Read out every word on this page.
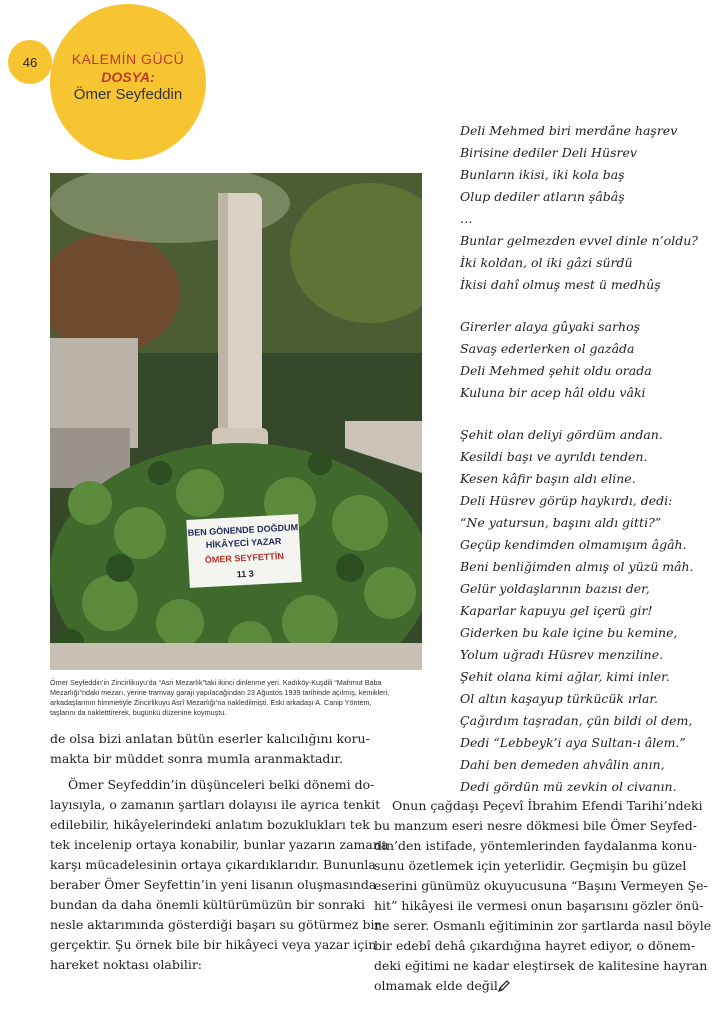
46	KALEMİN GÜCÜ
DOSYA:
Ömer Seyfeddin
BEN GÖNENDE DOĞDUM
HİKÂYECİ YAZAR
ÖMER SEYFETTİN
11 3
Ömer Seyfeddin’in Zincirlikuyu’da “Asri Mezarlık”taki ikinci dinlenme yeri. Kadıköy-Kuşdili “Mahmut Baba
Mezarlığı”ndaki mezarı, yerine tramvay garajı yapılacağından 23 Ağustos 1939 tarihinde açılmış, kemikleri,
arkadaşlarının himmetiyle Zincirlikuyu Asrî Mezarlığı’na nakledilmişti. Eski arkadaşı A. Canip Yöntem,
taşlarını da nakletttirerek, bugünkü düzenine koymuştu.
Deli Mehmed biri merdâne haşrev
Birisine dediler Deli Hüsrev
Bunların ikisi, iki kola baş
Olup dediler atların şâbâş
…
Bunlar gelmezden evvel dinle n’oldu?
İki koldan, ol iki gâzi sürdü
İkisi dahî olmuş mest ü medhûş
Girerler alaya gûyaki sarhoş
Savaş ederlerken ol gazâda
Deli Mehmed şehit oldu orada
Kuluna bir acep hâl oldu vâki
Şehit olan deliyi gördüm andan.
Kesildi başı ve ayrıldı tenden.
Kesen kâfir başın aldı eline.
Deli Hüsrev görüp haykırdı, dedi:
“Ne yatursun, başını aldı gitti?”
Geçüp kendimden olmamışım âgâh.
Beni benliğimden almış ol yüzü mâh.
Gelür yoldaşlarının bazısı der,
Kaparlar kapuyu gel içerü gir!
Giderken bu kale içine bu kemine,
Yolum uğradı Hüsrev menziline.
Şehit olana kimi ağlar, kimi inler.
Ol altın kaşayup türkücük ırlar.
Çağırdım taşradan, çün bildi ol dem,
Dedi “Lebbeyk’i aya Sultan-ı âlem.”
Dahi ben demeden ahvâlin anın,
Dedi gördün mü zevkin ol civanın.
de olsa bizi anlatan bütün eserler kalıcılığını koru-
makta bir müddet sonra mumla aranmaktadır.
Ömer Seyfeddin’in düşünceleri belki dönemi do-
layısıyla, o zamanın şartları dolayısı ile ayrıca tenkit
edilebilir, hikâyelerindeki anlatım bozuklukları tek
tek incelenip ortaya konabilir, bunlar yazarın zamana
karşı mücadelesinin ortaya çıkardıklarıdır. Bununla
beraber Ömer Seyfettin’in yeni lisanın oluşmasında
bundan da daha önemli kültürümüzün bir sonraki
nesle aktarımında gösterdiği başarı su götürmez bir
gerçektir. Şu örnek bile bir hikâyeci veya yazar için
hareket noktası olabilir:
Onun çağdaşı Peçevî İbrahim Efendi Tarihi’ndeki
bu manzum eseri nesre dökmesi bile Ömer Seyfed-
din’den istifade, yöntemlerinden faydalanma konu-
sunu özetlemek için yeterlidir. Geçmişin bu güzel
eserini günümüz okuyucusuna “Başını Vermeyen Şe-
hit” hikâyesi ile vermesi onun başarısını gözler önü-
ne serer. Osmanlı eğitiminin zor şartlarda nasıl böyle
bir edebî dehâ çıkardığına hayret ediyor, o dönem-
deki eğitimi ne kadar eleştirsek de kalitesine hayran
olmamak elde değil
